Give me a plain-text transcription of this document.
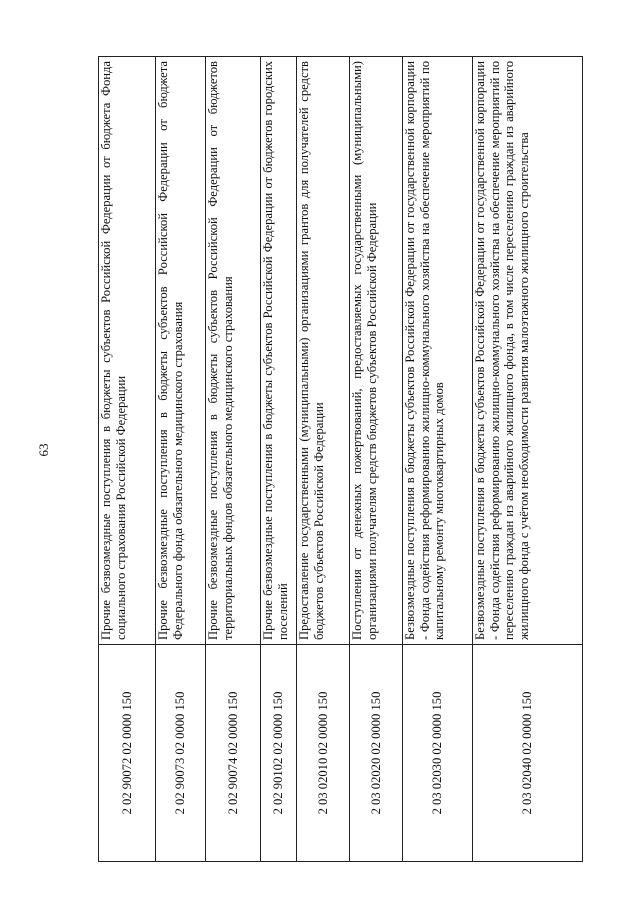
63
2 02 90072 02 0000 150	Прочие безвозмездные поступления в бюджеты субъектов Российской Федерации от бюджета Фонда социального страхования Российской Федерации
2 02 90073 02 0000 150	Прочие безвозмездные поступления в бюджеты субъектов Российской Федерации от бюджета Федерального фонда обязательного медицинского страхования
2 02 90074 02 0000 150	Прочие безвозмездные поступления в бюджеты субъектов Российской Федерации от бюджетов территориальных фондов обязательного медицинского страхования
2 02 90102 02 0000 150	Прочие безвозмездные поступления в бюджеты субъектов Российской Федерации от бюджетов городских поселений
2 03 02010 02 0000 150	Предоставление государственными (муниципальными) организациями грантов для получателей средств бюджетов субъектов Российской Федерации
2 03 02020 02 0000 150	Поступления от денежных пожертвований, предоставляемых государственными (муниципальными) организациями получателям средств бюджетов субъектов Российской Федерации
2 03 02030 02 0000 150	Безвозмездные поступления в бюджеты субъектов Российской Федерации от государственной корпорации - Фонда содействия реформированию жилищно-коммунального хозяйства на обеспечение мероприятий по капитальному ремонту многоквартирных домов
2 03 02040 02 0000 150	Безвозмездные поступления в бюджеты субъектов Российской Федерации от государственной корпорации - Фонда содействия реформированию жилищно-коммунального хозяйства на обеспечение мероприятий по переселению граждан из аварийного жилищного фонда, в том числе переселению граждан из аварийного жилищного фонда с учётом необходимости развития малоэтажного жилищного строительства
